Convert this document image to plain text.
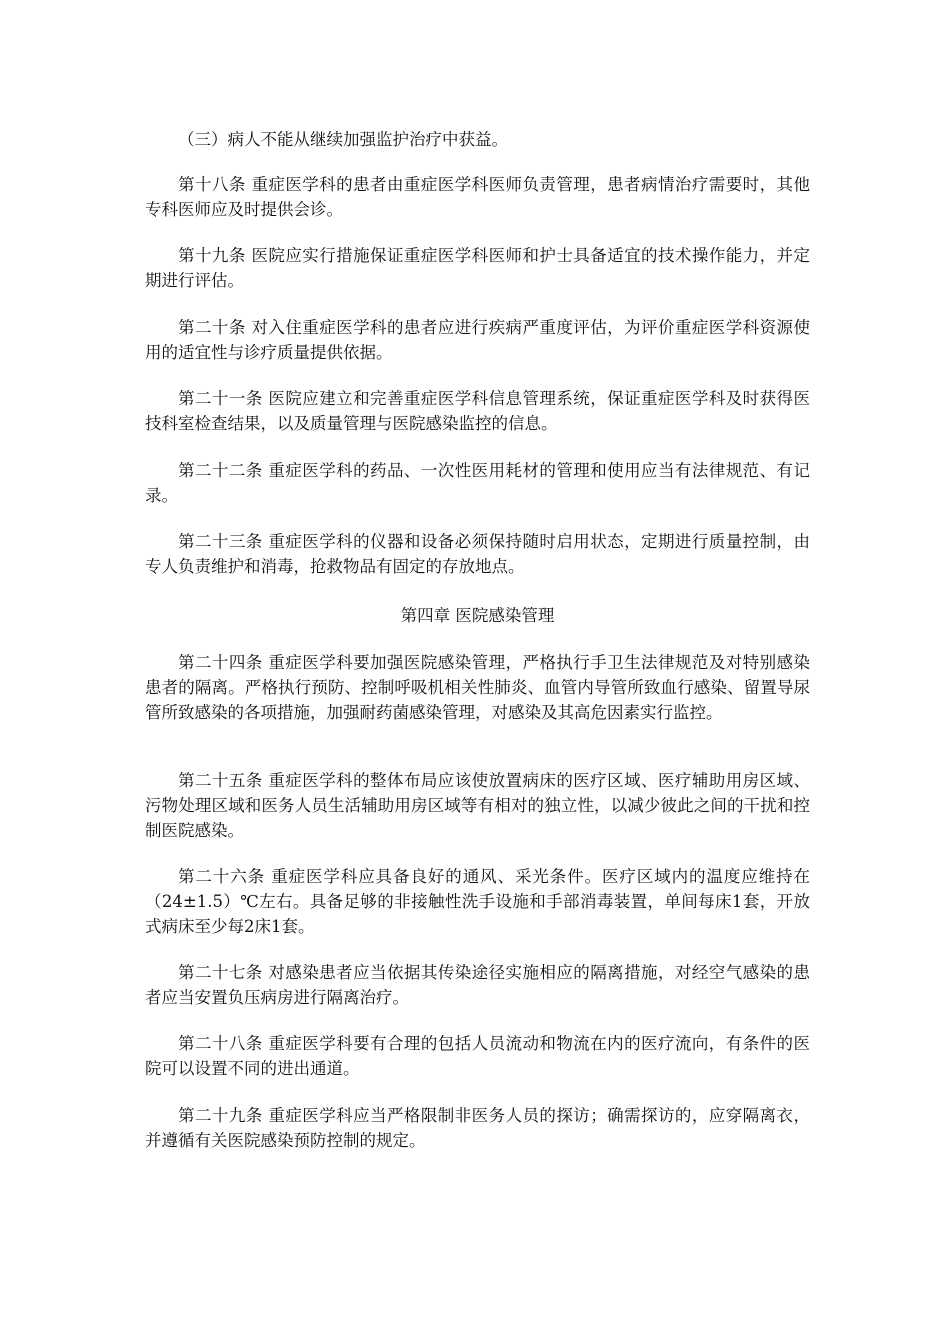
（三）病人不能从继续加强监护治疗中获益。

第十八条 重症医学科的患者由重症医学科医师负责管理，患者病情治疗需要时，其他专科医师应及时提供会诊。

第十九条 医院应实行措施保证重症医学科医师和护士具备适宜的技术操作能力，并定期进行评估。

第二十条 对入住重症医学科的患者应进行疾病严重度评估，为评价重症医学科资源使用的适宜性与诊疗质量提供依据。

第二十一条 医院应建立和完善重症医学科信息管理系统，保证重症医学科及时获得医技科室检查结果，以及质量管理与医院感染监控的信息。

第二十二条 重症医学科的药品、一次性医用耗材的管理和使用应当有法律规范、有记录。

第二十三条 重症医学科的仪器和设备必须保持随时启用状态，定期进行质量控制，由专人负责维护和消毒，抢救物品有固定的存放地点。

第四章 医院感染管理

第二十四条 重症医学科要加强医院感染管理，严格执行手卫生法律规范及对特别感染患者的隔离。严格执行预防、控制呼吸机相关性肺炎、血管内导管所致血行感染、留置导尿管所致感染的各项措施，加强耐药菌感染管理，对感染及其高危因素实行监控。

第二十五条 重症医学科的整体布局应该使放置病床的医疗区域、医疗辅助用房区域、污物处理区域和医务人员生活辅助用房区域等有相对的独立性，以减少彼此之间的干扰和控制医院感染。

第二十六条 重症医学科应具备良好的通风、采光条件。医疗区域内的温度应维持在（24±1.5）℃左右。具备足够的非接触性洗手设施和手部消毒装置，单间每床1套，开放式病床至少每2床1套。

第二十七条 对感染患者应当依据其传染途径实施相应的隔离措施，对经空气感染的患者应当安置负压病房进行隔离治疗。

第二十八条 重症医学科要有合理的包括人员流动和物流在内的医疗流向，有条件的医院可以设置不同的进出通道。

第二十九条 重症医学科应当严格限制非医务人员的探访；确需探访的，应穿隔离衣，并遵循有关医院感染预防控制的规定。
